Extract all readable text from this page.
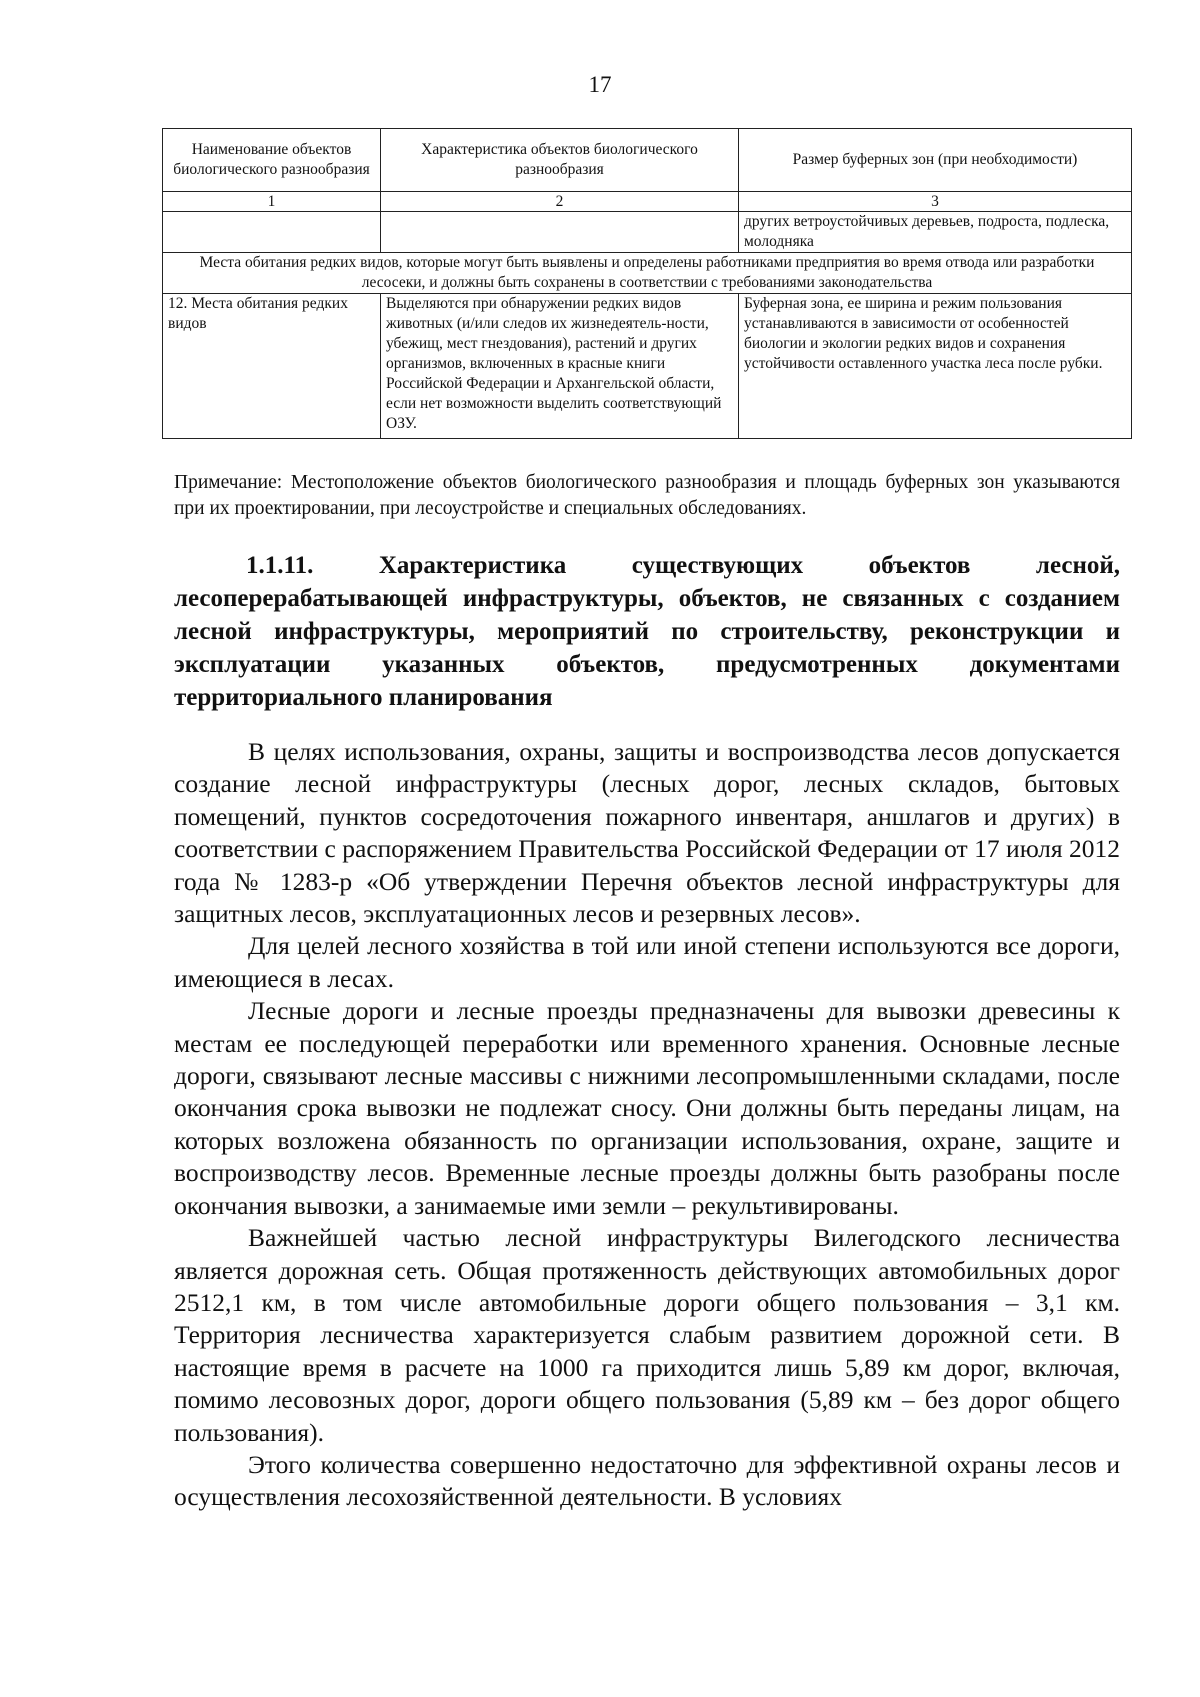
17
Наименование объектов биологического разнообразия	Характеристика объектов биологического разнообразия	Размер буферных зон (при необходимости)
1	2	3
		других ветроустойчивых деревьев, подроста, подлеска, молодняка
Места обитания редких видов, которые могут быть выявлены и определены работниками предприятия во время отвода или разработки лесосеки, и должны быть сохранены в соответствии с требованиями законодательства		
12. Места обитания редких видов	Выделяются при обнаружении редких видов животных (и/или следов их жизнедеятель-ности, убежищ, мест гнездования), растений и других организмов, включенных в красные книги Российской Федерации и Архангельской области, если нет возможности выделить соответствующий ОЗУ.	Буферная зона, ее ширина и режим пользования устанавливаются в зависимости от особенностей биологии и экологии редких видов и сохранения устойчивости оставленного участка леса после рубки.
Примечание: Местоположение объектов биологического разнообразия и площадь буферных зон указываются при их проектировании, при лесоустройстве и специальных обследованиях.
1.1.11. Характеристика существующих объектов лесной, лесоперерабатывающей инфраструктуры, объектов, не связанных с созданием лесной инфраструктуры, мероприятий по строительству, реконструкции и эксплуатации указанных объектов, предусмотренных документами территориального планирования

В целях использования, охраны, защиты и воспроизводства лесов допускается создание лесной инфраструктуры (лесных дорог, лесных складов, бытовых помещений, пунктов сосредоточения пожарного инвентаря, аншлагов и других) в соответствии с распоряжением Правительства Российской Федерации от 17 июля 2012 года № 1283-р «Об утверждении Перечня объектов лесной инфраструктуры для защитных лесов, эксплуатационных лесов и резервных лесов».

Для целей лесного хозяйства в той или иной степени используются все дороги, имеющиеся в лесах.

Лесные дороги и лесные проезды предназначены для вывозки древесины к местам ее последующей переработки или временного хранения. Основные лесные дороги, связывают лесные массивы с нижними лесопромышленными складами, после окончания срока вывозки не подлежат сносу. Они должны быть переданы лицам, на которых возложена обязанность по организации использования, охране, защите и воспроизводству лесов. Временные лесные проезды должны быть разобраны после окончания вывозки, а занимаемые ими земли – рекультивированы.

Важнейшей частью лесной инфраструктуры Вилегодского лесничества является дорожная сеть. Общая протяженность действующих автомобильных дорог 2512,1 км, в том числе автомобильные дороги общего пользования – 3,1 км. Территория лесничества характеризуется слабым развитием дорожной сети. В настоящие время в расчете на 1000 га приходится лишь 5,89 км дорог, включая, помимо лесовозных дорог, дороги общего пользования (5,89 км – без дорог общего пользования).

Этого количества совершенно недостаточно для эффективной охраны лесов и осуществления лесохозяйственной деятельности. В условиях
